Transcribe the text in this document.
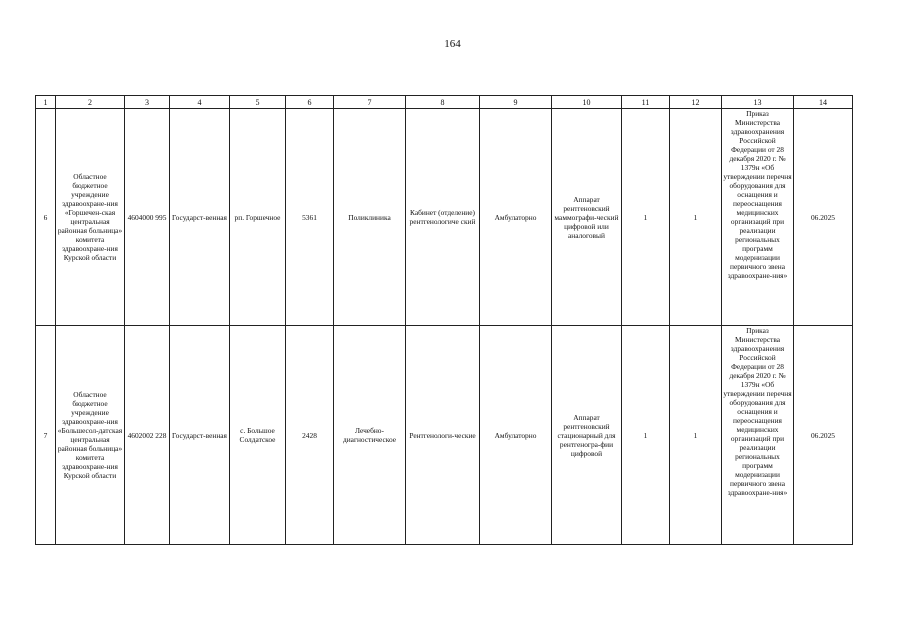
164
1	2	3	4	5	6	7	8	9	10	11	12	13	14
6	Областное бюджетное учреждение здравоохране-ния «Горшечен-ская центральная районная больница» комитета здравоохране-ния Курской области	4604000 995	Государст-венная	рп. Горшечное	5361	Поликлиника	Кабинет (отделение) рентгенологиче ский	Амбулаторно	Аппарат рентгеновский маммографи-ческий цифровой или аналоговый	1	1	Приказ Министерства здравоохранения Российской Федерации от 28 декабря 2020 г. № 1379н «Об утверждении перечня оборудования для оснащения и переоснащения медицинских организаций при реализации региональных программ модернизации первичного звена здравоохране-ния»	06.2025
7	Областное бюджетное учреждение здравоохране-ния «Большесол-датская центральная районная больница» комитета здравоохране-ния Курской области	4602002 228	Государст-венная	с. Большое Солдатское	2428	Лечебно-диагностическое	Рентгенологи-ческие	Амбулаторно	Аппарат рентгеновский стационарный для рентгеногра-фии цифровой	1	1	Приказ Министерства здравоохранения Российской Федерации от 28 декабря 2020 г. № 1379н «Об утверждении перечня оборудования для оснащения и переоснащения медицинских организаций при реализации региональных программ модернизации первичного звена здравоохране-ния»	06.2025
